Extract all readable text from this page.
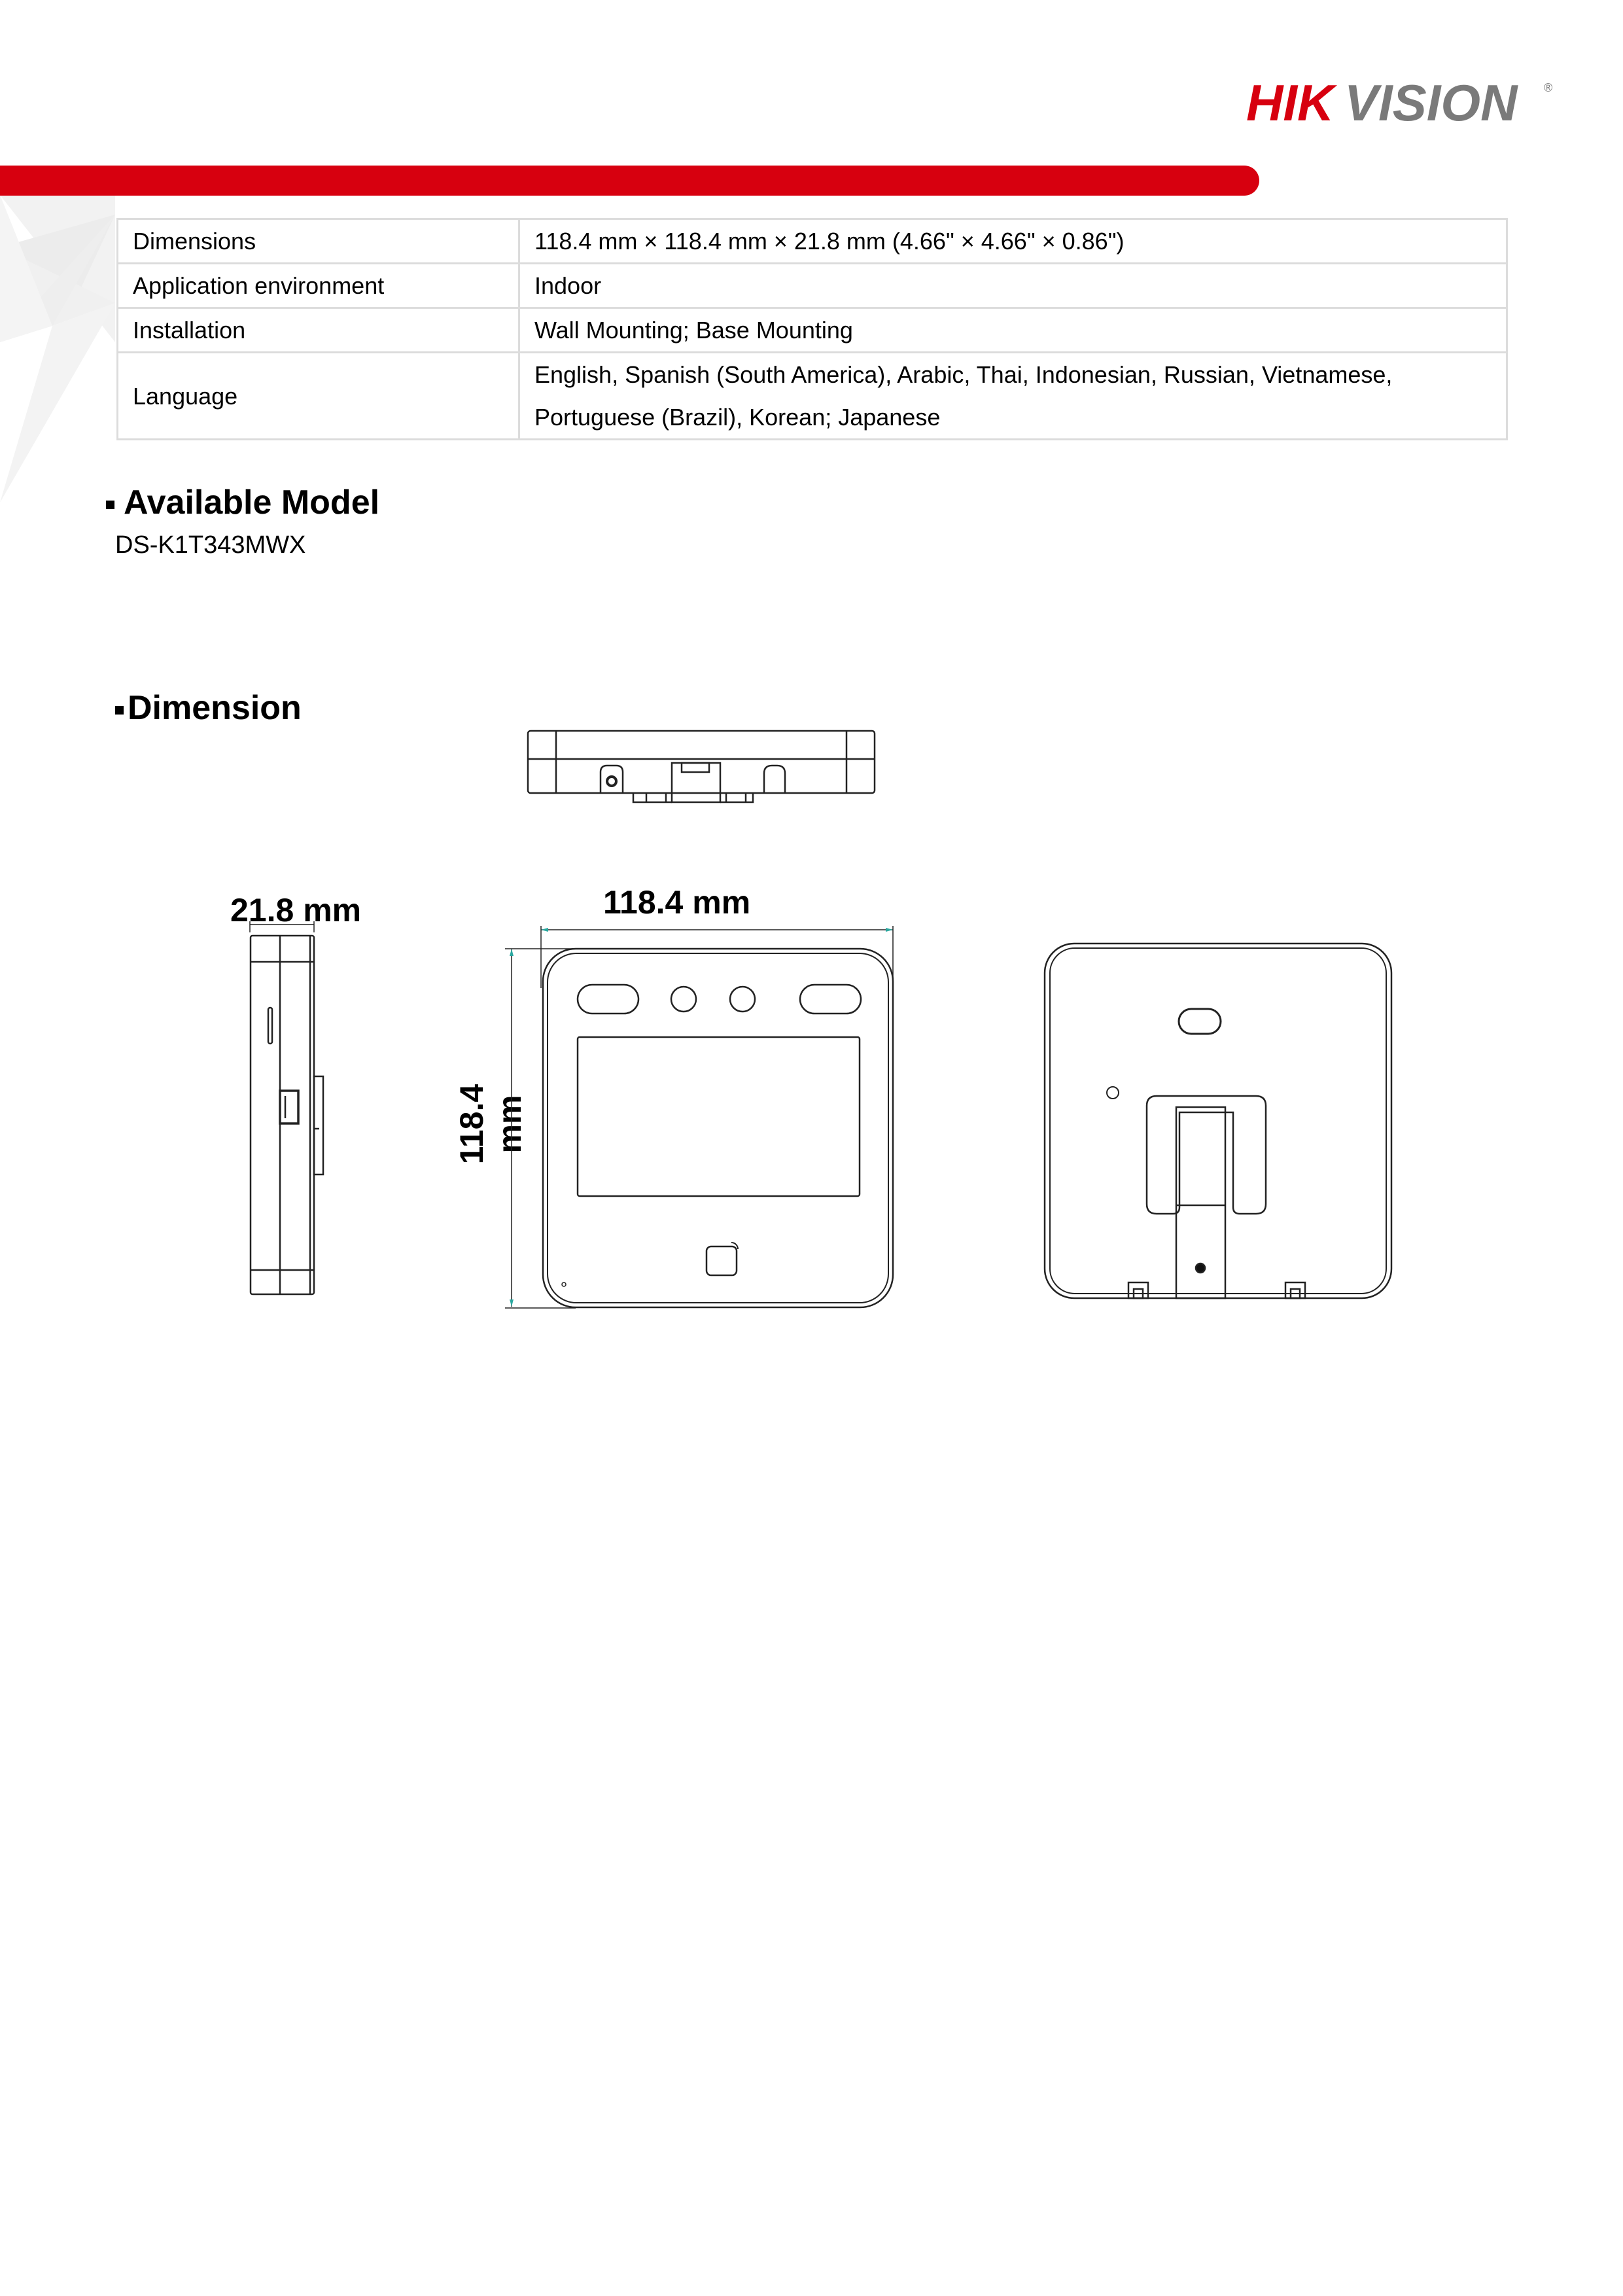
HIK VISION ®
Dimensions	118.4 mm × 118.4 mm × 21.8 mm (4.66" × 4.66" × 0.86")
Application environment	Indoor
Installation	Wall Mounting; Base Mounting
Language	English, Spanish (South America), Arabic, Thai, Indonesian, Russian, Vietnamese,
Portuguese (Brazil), Korean; Japanese
Available Model
DS-K1T343MWX
Dimension
21.8 mm	118.4 mm
118.4 mm
